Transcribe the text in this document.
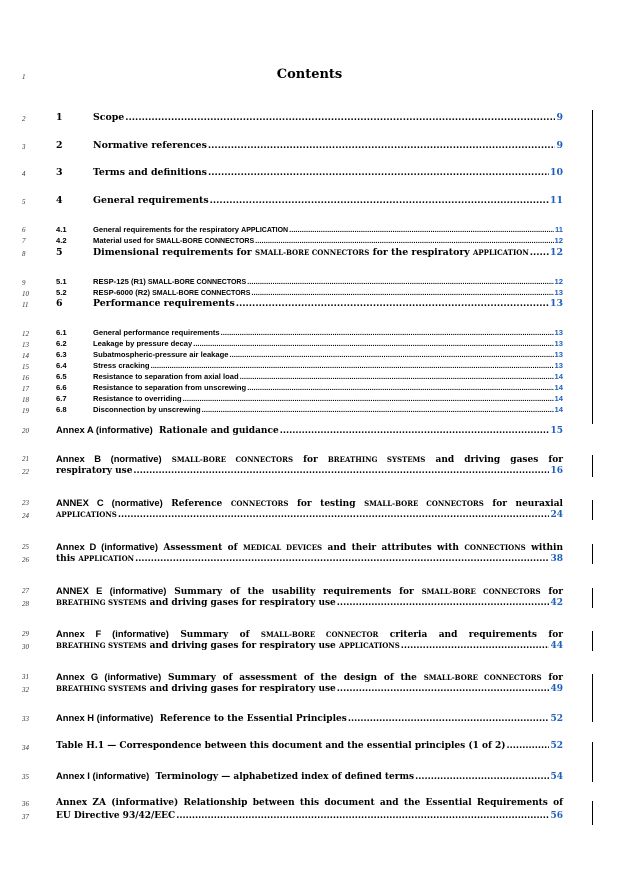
Contents
1
2
3
4
5
6
7
8
9
10
11
12
13
14
15
16
17
18
19
20
21
22
23
24
25
26
27
28
29
30
31
32
33
34
35
36
37
1	Scope .....	9
2	Normative references .....	9
3	Terms and definitions .....	10
4	General requirements .....	11
4.1	General requirements for the respiratory APPLICATION .....	11
4.2	Material used for SMALL-BORE CONNECTORS .....	12
5	Dimensional requirements for SMALL-BORE CONNECTORS for the respiratory APPLICATION ..... 12
5.1	RESP-125 (R1) SMALL-BORE CONNECTORS .....	12
5.2	RESP-6000 (R2) SMALL-BORE CONNECTORS .....	13
6	Performance requirements .....	13
6.1	General performance requirements .....	13
6.2	Leakage by pressure decay .....	13
6.3	Subatmospheric-pressure air leakage .....	13
6.4	Stress cracking .....	13
6.5	Resistance to separation from axial load .....	14
6.6	Resistance to separation from unscrewing .....	14
6.7	Resistance to overriding .....	14
6.8	Disconnection by unscrewing .....	14
Annex A (informative) Rationale and guidance .....	15
Annex B (normative) SMALL-BORE CONNECTORS for BREATHING SYSTEMS and driving gases for
respiratory use .....	16
ANNEX C (normative) Reference CONNECTORS for testing SMALL-BORE CONNECTORS for neuraxial
APPLICATIONS .....	24
Annex D (informative) Assessment of MEDICAL DEVICES and their attributes with CONNECTIONS within
this
APPLICATION .....	38
ANNEX E (informative) Summary of the usability requirements for SMALL-BORE CONNECTORS for
BREATHING SYSTEMS
and driving gases for respiratory use .....	42
Annex F (informative) Summary of SMALL-BORE CONNECTOR criteria and requirements for
BREATHING SYSTEMS
and driving gases for respiratory use
APPLICATIONS .....	44
Annex G (informative) Summary of assessment of the design of the SMALL-BORE CONNECTORS for
BREATHING SYSTEMS
and driving gases for respiratory use .....	49
Annex H (informative) Reference to the Essential Principles .....	52
Table H.1 — Correspondence between this document and the essential principles (1 of 2) .....	52
Annex I (informative) Terminology — alphabetized index of defined terms .....	54
Annex ZA (informative) Relationship between this document and the Essential Requirements of
EU Directive 93/42/EEC .....	56
